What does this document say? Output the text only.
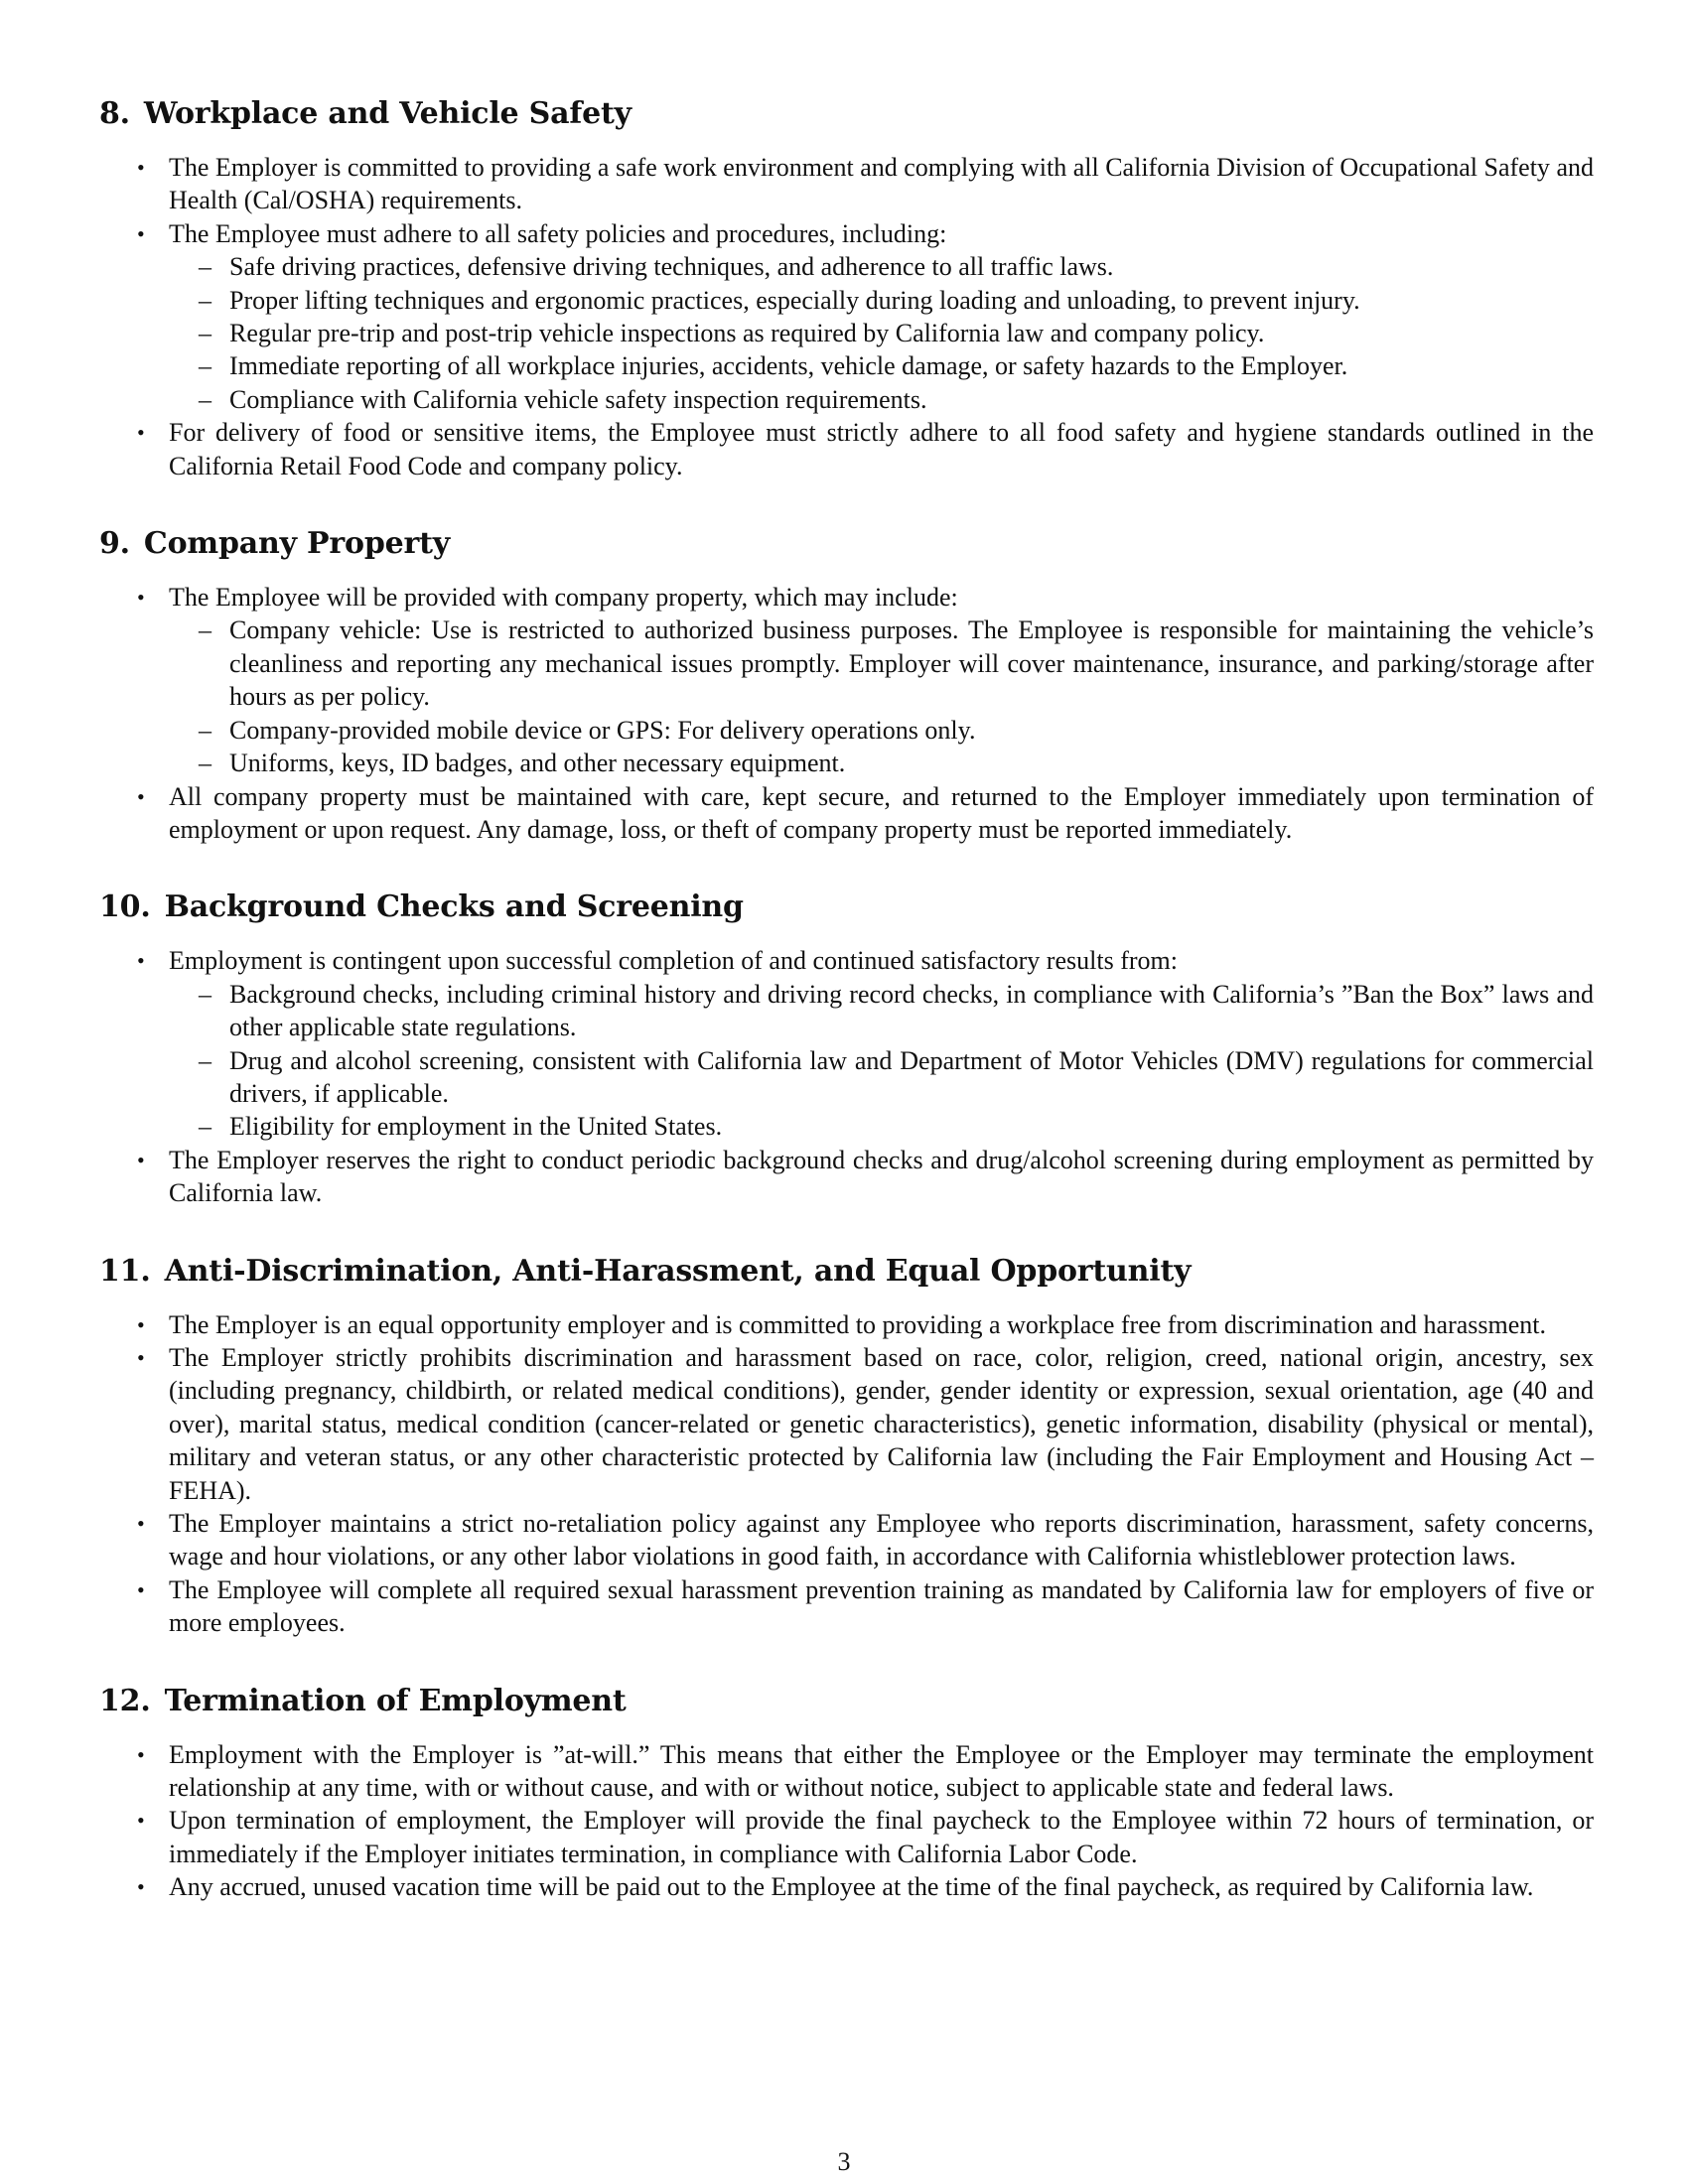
8. Workplace and Vehicle Safety
• The Employer is committed to providing a safe work environment and complying with all California Division of Occupational Safety and Health (Cal/OSHA) requirements.
• The Employee must adhere to all safety policies and procedures, including:
– Safe driving practices, defensive driving techniques, and adherence to all traffic laws.
– Proper lifting techniques and ergonomic practices, especially during loading and unloading, to prevent injury.
– Regular pre-trip and post-trip vehicle inspections as required by California law and company policy.
– Immediate reporting of all workplace injuries, accidents, vehicle damage, or safety hazards to the Employer.
– Compliance with California vehicle safety inspection requirements.
• For delivery of food or sensitive items, the Employee must strictly adhere to all food safety and hygiene standards outlined in the California Retail Food Code and company policy.
9. Company Property
• The Employee will be provided with company property, which may include:
– Company vehicle: Use is restricted to authorized business purposes. The Employee is responsible for maintaining the vehicle’s cleanliness and reporting any mechanical issues promptly. Employer will cover maintenance, insurance, and parking/storage after hours as per policy.
– Company-provided mobile device or GPS: For delivery operations only.
– Uniforms, keys, ID badges, and other necessary equipment.
• All company property must be maintained with care, kept secure, and returned to the Employer immediately upon termination of employment or upon request. Any damage, loss, or theft of company property must be reported immediately.
10. Background Checks and Screening
• Employment is contingent upon successful completion of and continued satisfactory results from:
– Background checks, including criminal history and driving record checks, in compliance with California’s ”Ban the Box” laws and other applicable state regulations.
– Drug and alcohol screening, consistent with California law and Department of Motor Vehicles (DMV) regulations for commercial drivers, if applicable.
– Eligibility for employment in the United States.
• The Employer reserves the right to conduct periodic background checks and drug/alcohol screening during employment as permitted by California law.
11. Anti-Discrimination, Anti-Harassment, and Equal Opportunity
• The Employer is an equal opportunity employer and is committed to providing a workplace free from discrimination and harassment.
• The Employer strictly prohibits discrimination and harassment based on race, color, religion, creed, national origin, ancestry, sex (including pregnancy, childbirth, or related medical conditions), gender, gender identity or expression, sexual orientation, age (40 and over), marital status, medical condition (cancer-related or genetic characteristics), genetic information, disability (physical or mental), military and veteran status, or any other characteristic protected by California law (including the Fair Employment and Housing Act – FEHA).
• The Employer maintains a strict no-retaliation policy against any Employee who reports discrimination, harassment, safety concerns, wage and hour violations, or any other labor violations in good faith, in accordance with California whistleblower protection laws.
• The Employee will complete all required sexual harassment prevention training as mandated by California law for employers of five or more employees.
12. Termination of Employment
• Employment with the Employer is ”at-will.” This means that either the Employee or the Employer may terminate the employment relationship at any time, with or without cause, and with or without notice, subject to applicable state and federal laws.
• Upon termination of employment, the Employer will provide the final paycheck to the Employee within 72 hours of termination, or immediately if the Employer initiates termination, in compliance with California Labor Code.
• Any accrued, unused vacation time will be paid out to the Employee at the time of the final paycheck, as required by California law.
3
